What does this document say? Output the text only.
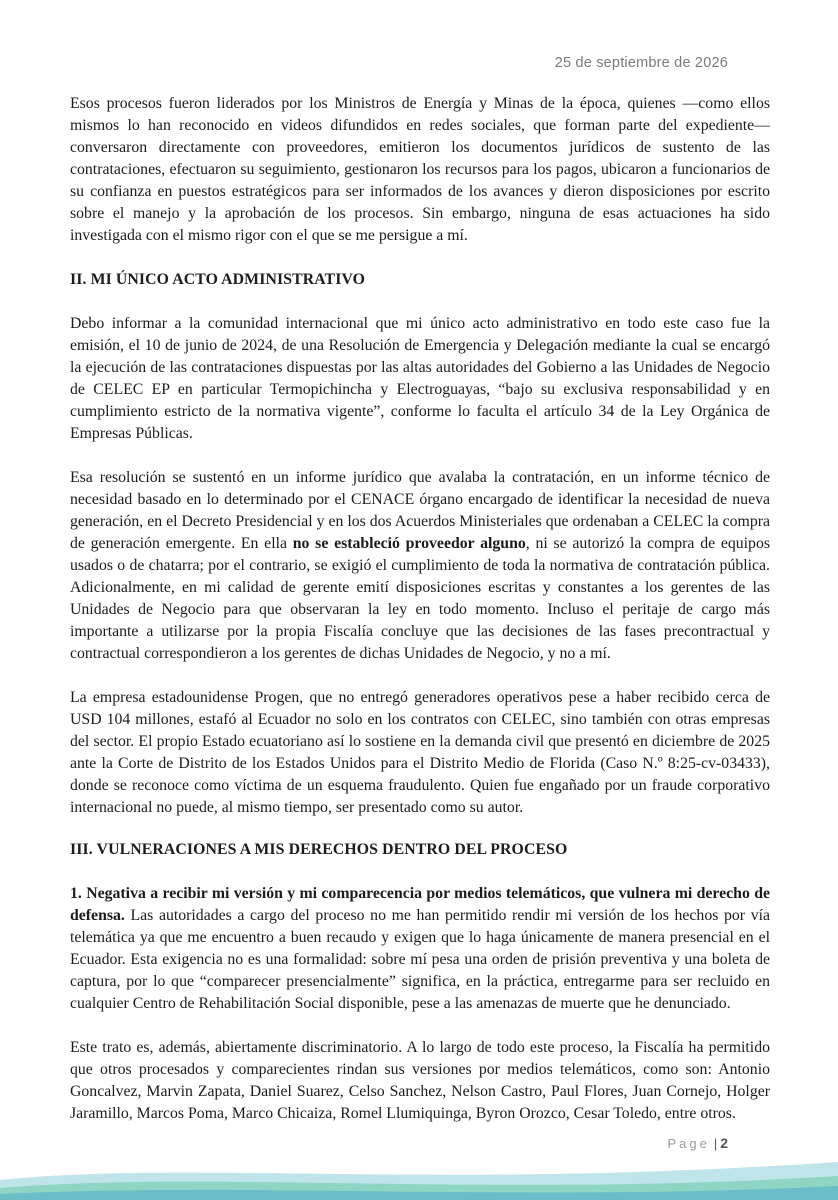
25 de septiembre de 2026

Esos procesos fueron liderados por los Ministros de Energía y Minas de la época, quienes —como ellos mismos lo han reconocido en videos difundidos en redes sociales, que forman parte del expediente— conversaron directamente con proveedores, emitieron los documentos jurídicos de sustento de las contrataciones, efectuaron su seguimiento, gestionaron los recursos para los pagos, ubicaron a funcionarios de su confianza en puestos estratégicos para ser informados de los avances y dieron disposiciones por escrito sobre el manejo y la aprobación de los procesos. Sin embargo, ninguna de esas actuaciones ha sido investigada con el mismo rigor con el que se me persigue a mí.

II. MI ÚNICO ACTO ADMINISTRATIVO

Debo informar a la comunidad internacional que mi único acto administrativo en todo este caso fue la emisión, el 10 de junio de 2024, de una Resolución de Emergencia y Delegación mediante la cual se encargó la ejecución de las contrataciones dispuestas por las altas autoridades del Gobierno a las Unidades de Negocio de CELEC EP en particular Termopichincha y Electroguayas, “bajo su exclusiva responsabilidad y en cumplimiento estricto de la normativa vigente”, conforme lo faculta el artículo 34 de la Ley Orgánica de Empresas Públicas.

Esa resolución se sustentó en un informe jurídico que avalaba la contratación, en un informe técnico de necesidad basado en lo determinado por el CENACE órgano encargado de identificar la necesidad de nueva generación, en el Decreto Presidencial y en los dos Acuerdos Ministeriales que ordenaban a CELEC la compra de generación emergente. En ella no se estableció proveedor alguno, ni se autorizó la compra de equipos usados o de chatarra; por el contrario, se exigió el cumplimiento de toda la normativa de contratación pública. Adicionalmente, en mi calidad de gerente emití disposiciones escritas y constantes a los gerentes de las Unidades de Negocio para que observaran la ley en todo momento. Incluso el peritaje de cargo más importante a utilizarse por la propia Fiscalía concluye que las decisiones de las fases precontractual y contractual correspondieron a los gerentes de dichas Unidades de Negocio, y no a mí.

La empresa estadounidense Progen, que no entregó generadores operativos pese a haber recibido cerca de USD 104 millones, estafó al Ecuador no solo en los contratos con CELEC, sino también con otras empresas del sector. El propio Estado ecuatoriano así lo sostiene en la demanda civil que presentó en diciembre de 2025 ante la Corte de Distrito de los Estados Unidos para el Distrito Medio de Florida (Caso N.º 8:25-cv-03433), donde se reconoce como víctima de un esquema fraudulento. Quien fue engañado por un fraude corporativo internacional no puede, al mismo tiempo, ser presentado como su autor.

III. VULNERACIONES A MIS DERECHOS DENTRO DEL PROCESO

1. Negativa a recibir mi versión y mi comparecencia por medios telemáticos, que vulnera mi derecho de defensa. Las autoridades a cargo del proceso no me han permitido rendir mi versión de los hechos por vía telemática ya que me encuentro a buen recaudo y exigen que lo haga únicamente de manera presencial en el Ecuador. Esta exigencia no es una formalidad: sobre mí pesa una orden de prisión preventiva y una boleta de captura, por lo que “comparecer presencialmente” significa, en la práctica, entregarme para ser recluido en cualquier Centro de Rehabilitación Social disponible, pese a las amenazas de muerte que he denunciado.

Este trato es, además, abiertamente discriminatorio. A lo largo de todo este proceso, la Fiscalía ha permitido que otros procesados y comparecientes rindan sus versiones por medios telemáticos, como son: Antonio Goncalvez, Marvin Zapata, Daniel Suarez, Celso Sanchez, Nelson Castro, Paul Flores, Juan Cornejo, Holger Jaramillo, Marcos Poma, Marco Chicaiza, Romel Llumiquinga, Byron Orozco, Cesar Toledo, entre otros.

Page | 2
